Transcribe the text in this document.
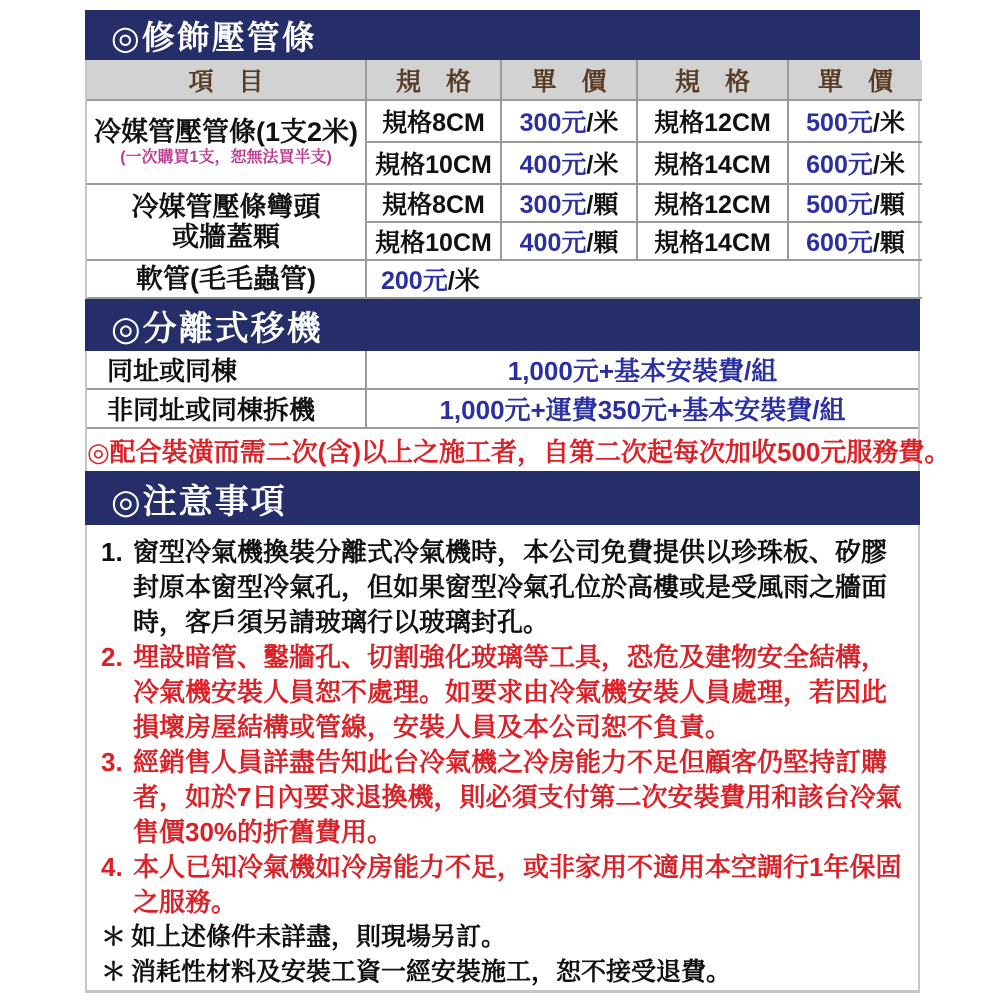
◎修飾壓管條
項　目	規　格	單　價	規　格	單　價

冷媒管壓管條(1支2米)
(一次購買1支，恕無法買半支)	規格8CM	300元/米	規格12CM	500元/米
	規格10CM	400元/米	規格14CM	600元/米

冷媒管壓條彎頭
或牆蓋顆	規格8CM	300元/顆	規格12CM	500元/顆
	規格10CM	400元/顆	規格14CM	600元/顆

軟管(毛毛蟲管)	200元/米			
◎分離式移機
同址或同棟	1,000元+基本安裝費/組
非同址或同棟拆機	1,000元+運費350元+基本安裝費/組
◎配合裝潢而需二次(含)以上之施工者，自第二次起每次加收500元服務費。
◎注意事項
1. 窗型冷氣機換裝分離式冷氣機時，本公司免費提供以珍珠板、矽膠封原本窗型冷氣孔，但如果窗型冷氣孔位於高樓或是受風雨之牆面時，客戶須另請玻璃行以玻璃封孔。
2. 埋設暗管、鑿牆孔、切割強化玻璃等工具，恐危及建物安全結構，冷氣機安裝人員恕不處理。如要求由冷氣機安裝人員處理，若因此損壞房屋結構或管線，安裝人員及本公司恕不負責。
3. 經銷售人員詳盡告知此台冷氣機之冷房能力不足但顧客仍堅持訂購者，如於7日內要求退換機，則必須支付第二次安裝費用和該台冷氣售價30%的折舊費用。
4. 本人已知冷氣機如冷房能力不足，或非家用不適用本空調行1年保固之服務。
＊ 如上述條件未詳盡，則現場另訂。
＊ 消耗性材料及安裝工資一經安裝施工，恕不接受退費。
